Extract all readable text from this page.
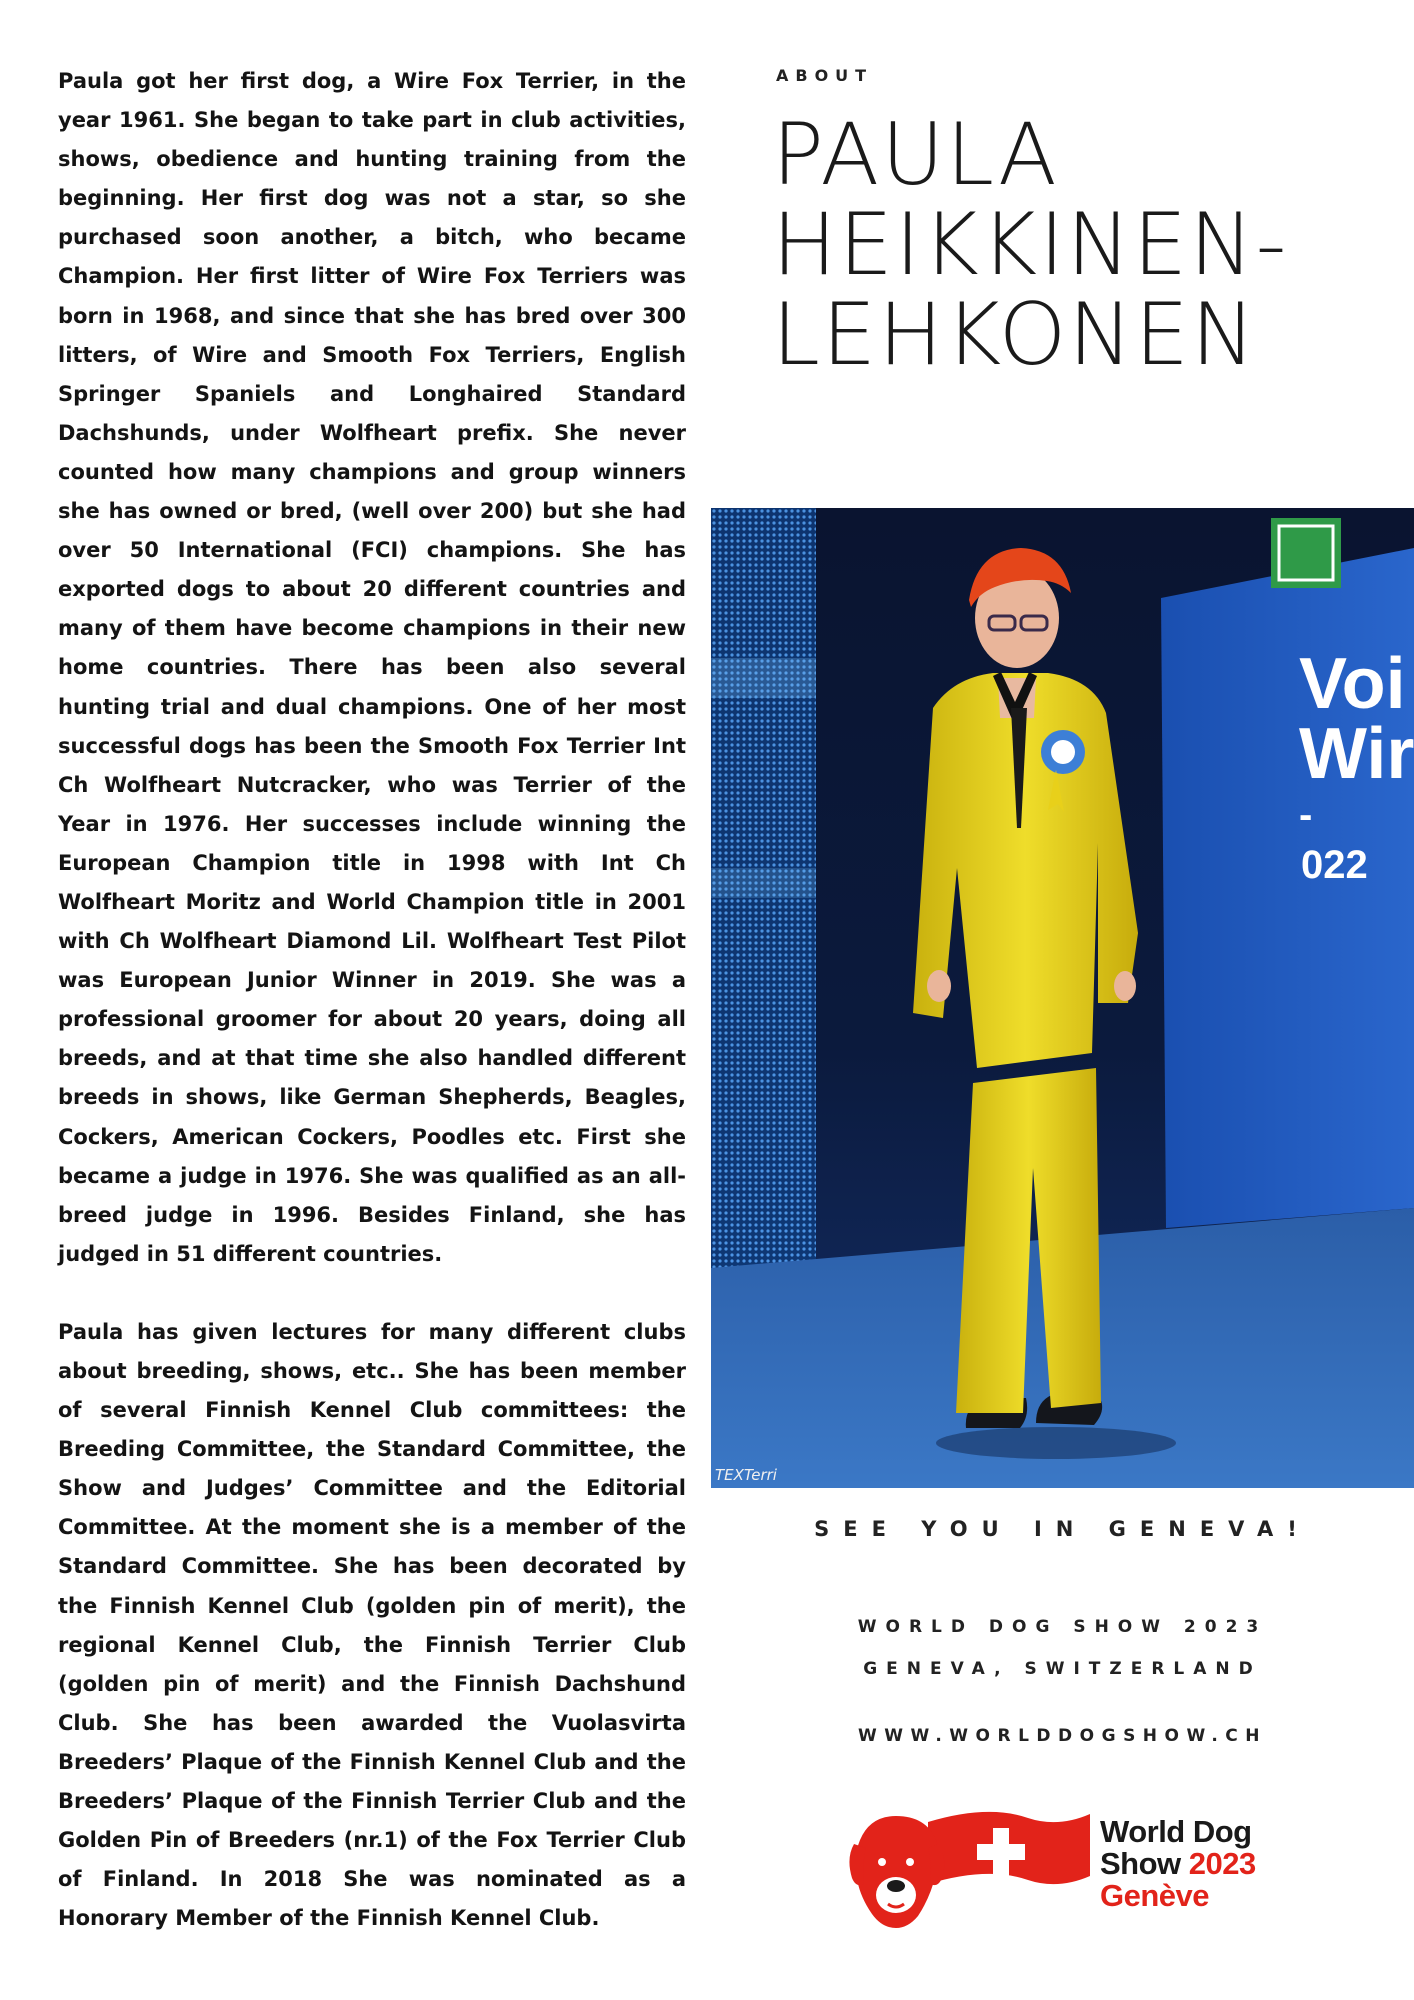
Paula got her first dog, a Wire Fox Terrier, in the year 1961. She began to take part in club activities, shows, obedience and hunting training from the beginning. Her first dog was not a star, so she purchased soon another, a bitch, who became Champion. Her first litter of Wire Fox Terriers was born in 1968, and since that she has bred over 300 litters, of Wire and Smooth Fox Terriers, English Springer Spaniels and Longhaired Standard Dachshunds, under Wolfheart prefix. She never counted how many champions and group winners she has owned or bred, (well over 200) but she had over 50 International (FCI) champions. She has exported dogs to about 20 different countries and many of them have become champions in their new home countries. There has been also several hunting trial and dual champions. One of her most successful dogs has been the Smooth Fox Terrier Int Ch Wolfheart Nutcracker, who was Terrier of the Year in 1976. Her successes include winning the European Champion title in 1998 with Int Ch Wolfheart Moritz and World Champion title in 2001 with Ch Wolfheart Diamond Lil. Wolfheart Test Pilot was European Junior Winner in 2019. She was a professional groomer for about 20 years, doing all breeds, and at that time she also handled different breeds in shows, like German Shepherds, Beagles, Cockers, American Cockers, Poodles etc. First she became a judge in 1976. She was qualified as an all-breed judge in 1996. Besides Finland, she has judged in 51 different countries.

Paula has given lectures for many different clubs about breeding, shows, etc.. She has been member of several Finnish Kennel Club committees: the Breeding Committee, the Standard Committee, the Show and Judges’ Committee and the Editorial Committee. At the moment she is a member of the Standard Committee. She has been decorated by the Finnish Kennel Club (golden pin of merit), the regional Kennel Club, the Finnish Terrier Club (golden pin of merit) and the Finnish Dachshund Club. She has been awarded the Vuolasvirta Breeders’ Plaque of the Finnish Kennel Club and the Breeders’ Plaque of the Finnish Terrier Club and the Golden Pin of Breeders (nr.1) of the Fox Terrier Club of Finland. In 2018 She was nominated as a Honorary Member of the Finnish Kennel Club.

ABOUT
PAULA
HEIKKINEN-
LEHKONEN
Voi
Wir
-
022
TEXTerri
SEE YOU IN GENEVA!
WORLD DOG SHOW 2023
GENEVA, SWITZERLAND
WWW.WORLDDOGSHOW.CH
World Dog
Show 2023
Genève
